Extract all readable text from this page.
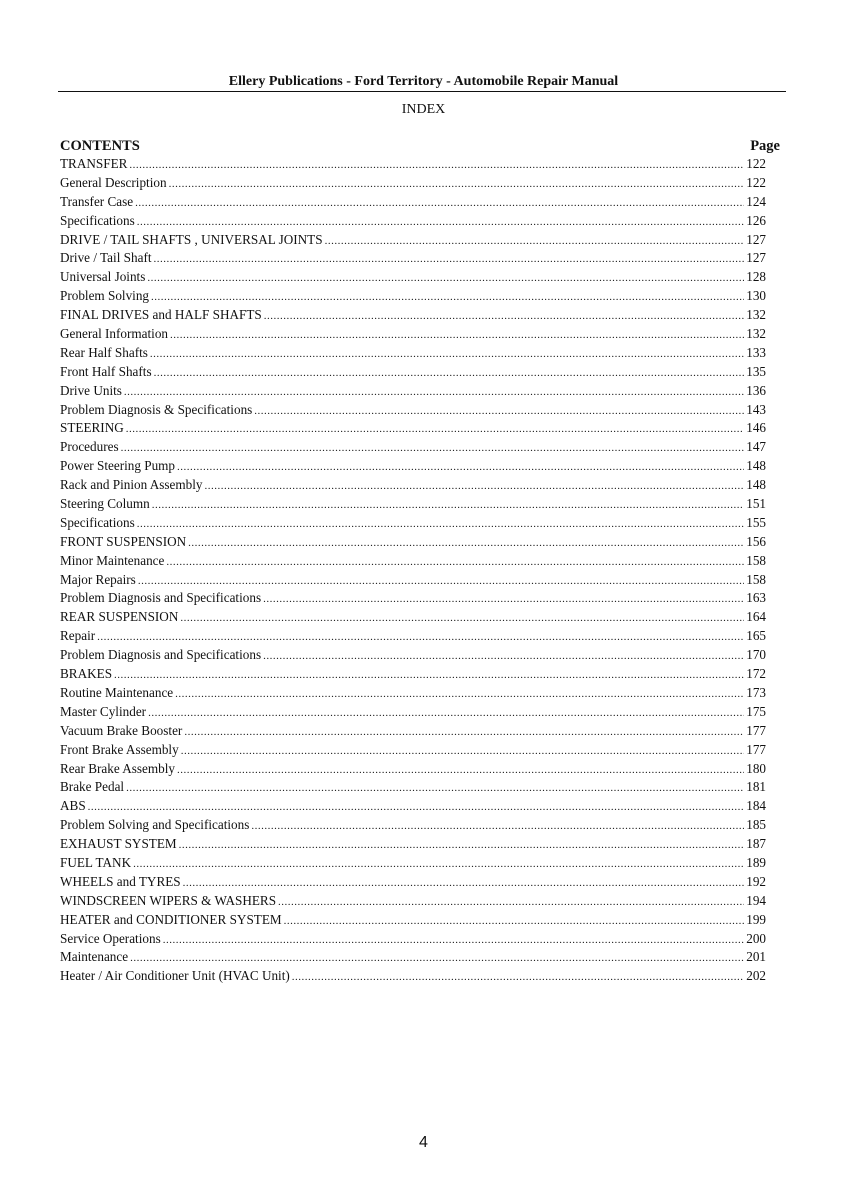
Ellery Publications - Ford Territory - Automobile Repair Manual
INDEX
CONTENTS	Page
TRANSFER .....	122
General Description .....	122
Transfer Case .....	124
Specifications .....	126
DRIVE / TAIL SHAFTS , UNIVERSAL JOINTS .....	127
Drive / Tail Shaft .....	127
Universal Joints .....	128
Problem Solving .....	130
FINAL DRIVES and HALF SHAFTS .....	132
General Information .....	132
Rear Half Shafts .....	133
Front Half Shafts .....	135
Drive Units .....	136
Problem Diagnosis & Specifications .....	143
STEERING .....	146
Procedures .....	147
Power Steering Pump .....	148
Rack and Pinion Assembly .....	148
Steering Column .....	151
Specifications .....	155
FRONT SUSPENSION .....	156
Minor Maintenance .....	158
Major Repairs .....	158
Problem Diagnosis and Specifications .....	163
REAR SUSPENSION .....	164
Repair .....	165
Problem Diagnosis and Specifications .....	170
BRAKES .....	172
Routine Maintenance .....	173
Master Cylinder .....	175
Vacuum Brake Booster .....	177
Front Brake Assembly .....	177
Rear Brake Assembly .....	180
Brake Pedal .....	181
ABS .....	184
Problem Solving and Specifications .....	185
EXHAUST SYSTEM .....	187
FUEL TANK .....	189
WHEELS and TYRES .....	192
WINDSCREEN WIPERS & WASHERS .....	194
HEATER and CONDITIONER SYSTEM .....	199
Service Operations .....	200
Maintenance .....	201
Heater / Air Conditioner Unit (HVAC Unit) .....	202
4
